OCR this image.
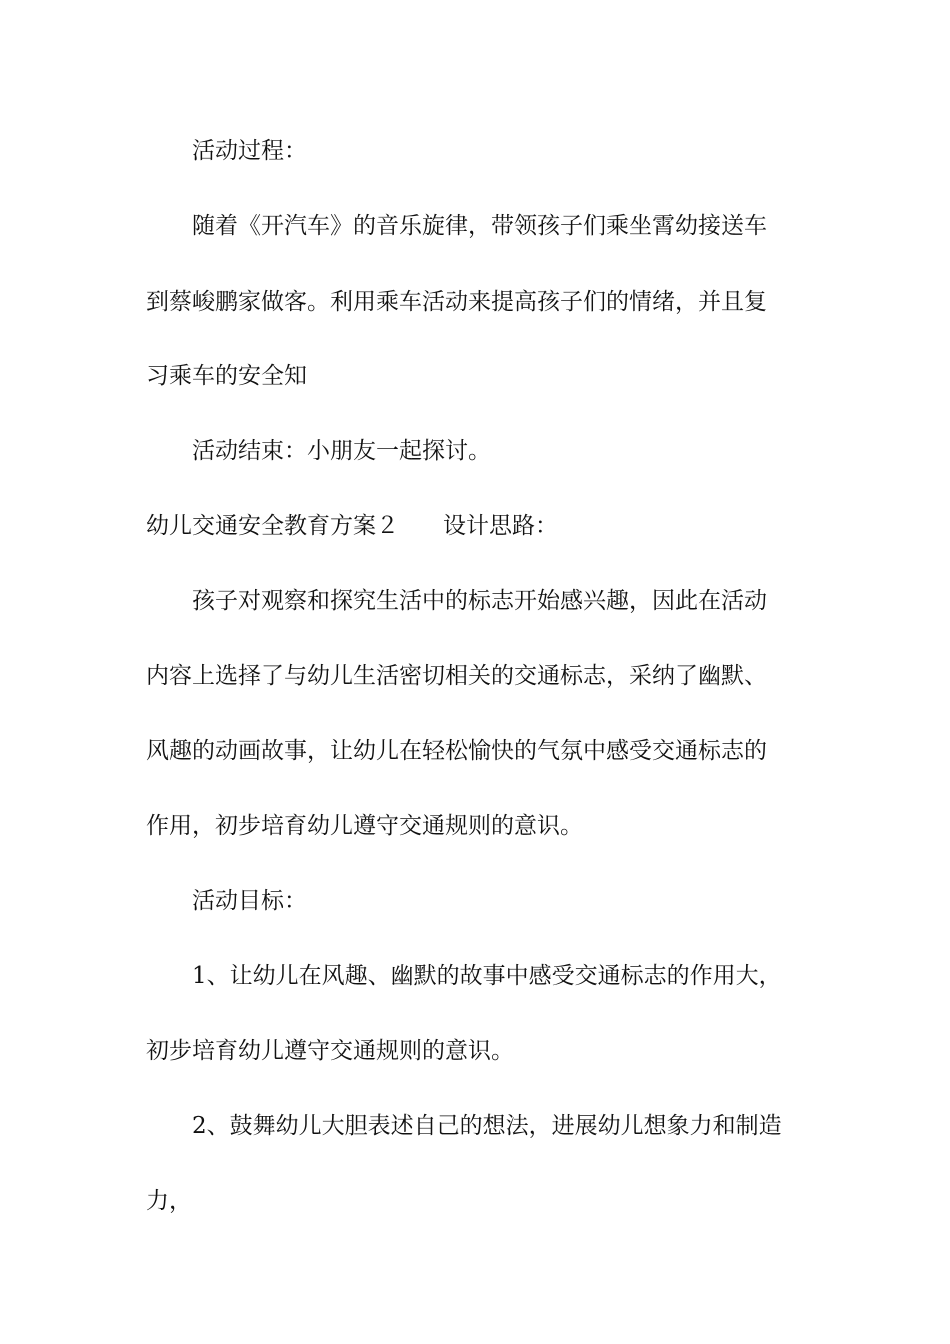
活动过程：
随着《开汽车》的音乐旋律，带领孩子们乘坐霄幼接送车
到蔡峻鹏家做客。利用乘车活动来提高孩子们的情绪，并且复
习乘车的安全知
活动结束：小朋友一起探讨。
幼儿交通安全教育方案２ 设计思路：
孩子对观察和探究生活中的标志开始感兴趣，因此在活动
内容上选择了与幼儿生活密切相关的交通标志，采纳了幽默、
风趣的动画故事，让幼儿在轻松愉快的气氛中感受交通标志的
作用，初步培育幼儿遵守交通规则的意识。
活动目标：
1、让幼儿在风趣、幽默的故事中感受交通标志的作用大，
初步培育幼儿遵守交通规则的意识。
2、鼓舞幼儿大胆表述自己的想法，进展幼儿想象力和制造
力，
